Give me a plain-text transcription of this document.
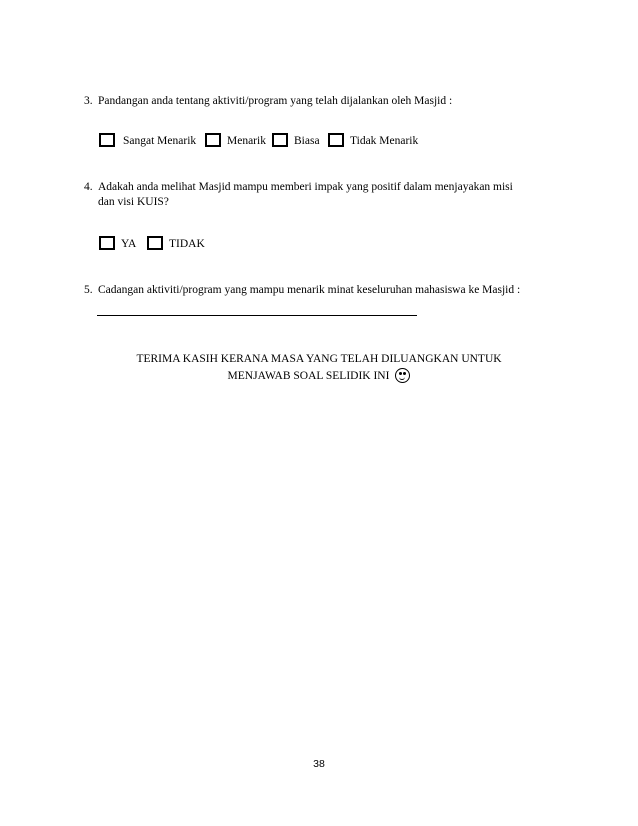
3. Pandangan anda tentang aktiviti/program yang telah dijalankan oleh Masjid :
Sangat Menarik	Menarik Biasa	Tidak Menarik
4. Adakah anda melihat Masjid mampu memberi impak yang positif dalam menjayakan misi
dan visi KUIS?
YA	TIDAK
5. Cadangan aktiviti/program yang mampu menarik minat keseluruhan mahasiswa ke Masjid :
TERIMA KASIH KERANA MASA YANG TELAH DILUANGKAN UNTUK
MENJAWAB SOAL SELIDIK INI
38
